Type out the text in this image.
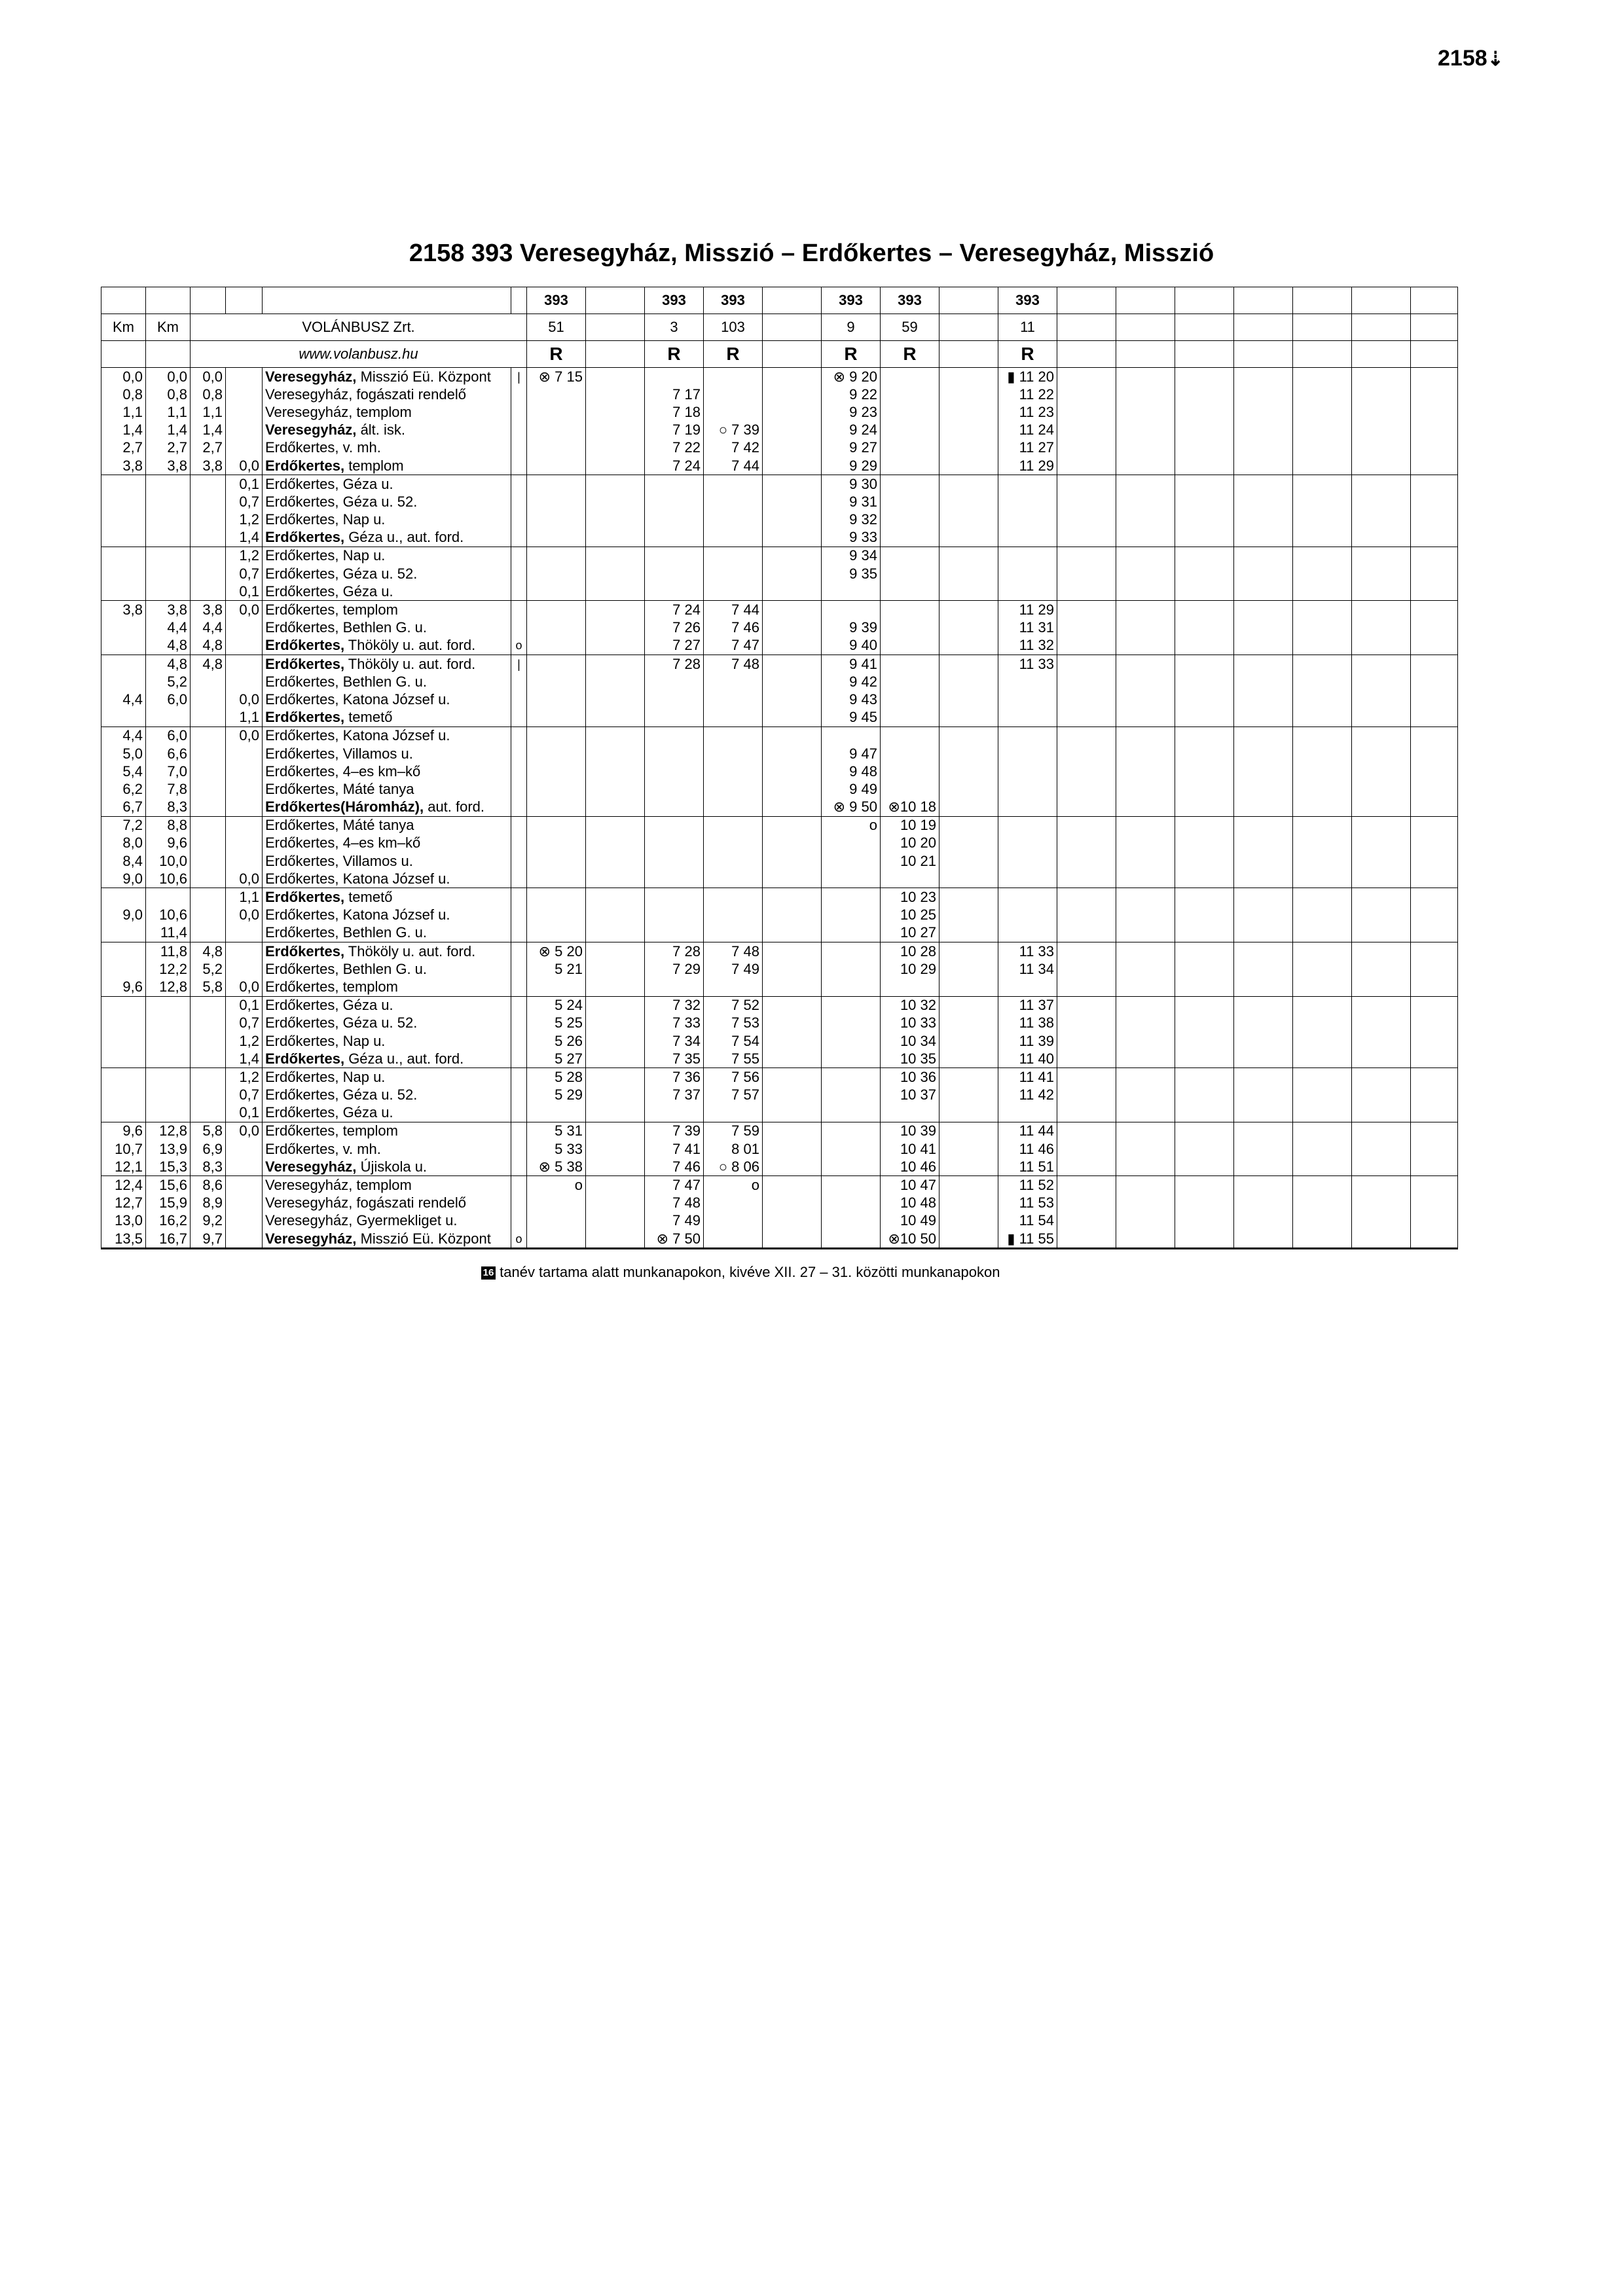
2158⇣
2158 393 Veresegyház, Misszió – Erdőkertes – Veresegyház, Misszió
						393		393	393		393	393		393							
Km	Km	VOLÁNBUSZ Zrt.				51		3	103		9	59		11							
		www.volanbusz.hu				R		R	R		R	R		R							
0,0	0,0	0,0		Veresegyház, Misszió Eü. Központ	|	⊗ 7 15					⊗ 9 20			▮ 11 20							
0,8	0,8	0,8		Veresegyház, fogászati rendelő				7 17			9 22			11 22							
1,1	1,1	1,1		Veresegyház, templom				7 18			9 23			11 23							
1,4	1,4	1,4		Veresegyház, ált. isk.				7 19	○ 7 39		9 24			11 24							
2,7	2,7	2,7		Erdőkertes, v. mh.				7 22	7 42		9 27			11 27							
3,8	3,8	3,8	0,0	Erdőkertes, templom				7 24	7 44		9 29			11 29							
			0,1	Erdőkertes, Géza u.							9 30										
			0,7	Erdőkertes, Géza u. 52.							9 31										
			1,2	Erdőkertes, Nap u.							9 32										
			1,4	Erdőkertes, Géza u., aut. ford.							9 33										
			1,2	Erdőkertes, Nap u.							9 34										
			0,7	Erdőkertes, Géza u. 52.							9 35										
			0,1	Erdőkertes, Géza u.																	
3,8	3,8	3,8	0,0	Erdőkertes, templom				7 24	7 44					11 29							
	4,4	4,4		Erdőkertes, Bethlen G. u.				7 26	7 46		9 39			11 31							
	4,8	4,8		Erdőkertes, Thököly u. aut. ford.	o			7 27	7 47		9 40			11 32							
	4,8	4,8		Erdőkertes, Thököly u. aut. ford.	|			7 28	7 48		9 41			11 33							
	5,2			Erdőkertes, Bethlen G. u.							9 42										
4,4	6,0		0,0	Erdőkertes, Katona József u.							9 43										
			1,1	Erdőkertes, temető							9 45										
4,4	6,0		0,0	Erdőkertes, Katona József u.																	
5,0	6,6			Erdőkertes, Villamos u.							9 47										
5,4	7,0			Erdőkertes, 4–es km–kő							9 48										
6,2	7,8			Erdőkertes, Máté tanya							9 49										
6,7	8,3			Erdőkertes(Háromház), aut. ford.							⊗ 9 50	⊗10 18									
7,2	8,8			Erdőkertes, Máté tanya							o	10 19									
8,0	9,6			Erdőkertes, 4–es km–kő								10 20									
8,4	10,0			Erdőkertes, Villamos u.								10 21									
9,0	10,6		0,0	Erdőkertes, Katona József u.																	
			1,1	Erdőkertes, temető								10 23									
9,0	10,6		0,0	Erdőkertes, Katona József u.								10 25									
	11,4			Erdőkertes, Bethlen G. u.								10 27									
	11,8	4,8		Erdőkertes, Thököly u. aut. ford.		⊗ 5 20		7 28	7 48			10 28		11 33							
	12,2	5,2		Erdőkertes, Bethlen G. u.		5 21		7 29	7 49			10 29		11 34							
9,6	12,8	5,8	0,0	Erdőkertes, templom																	
			0,1	Erdőkertes, Géza u.		5 24		7 32	7 52			10 32		11 37							
			0,7	Erdőkertes, Géza u. 52.		5 25		7 33	7 53			10 33		11 38							
			1,2	Erdőkertes, Nap u.		5 26		7 34	7 54			10 34		11 39							
			1,4	Erdőkertes, Géza u., aut. ford.		5 27		7 35	7 55			10 35		11 40							
			1,2	Erdőkertes, Nap u.		5 28		7 36	7 56			10 36		11 41							
			0,7	Erdőkertes, Géza u. 52.		5 29		7 37	7 57			10 37		11 42							
			0,1	Erdőkertes, Géza u.																	
9,6	12,8	5,8	0,0	Erdőkertes, templom		5 31		7 39	7 59			10 39		11 44							
10,7	13,9	6,9		Erdőkertes, v. mh.		5 33		7 41	8 01			10 41		11 46							
12,1	15,3	8,3		Veresegyház, Újiskola u.		⊗ 5 38		7 46	○ 8 06			10 46		11 51							
12,4	15,6	8,6		Veresegyház, templom		o		7 47	o			10 47		11 52							
12,7	15,9	8,9		Veresegyház, fogászati rendelő				7 48				10 48		11 53							
13,0	16,2	9,2		Veresegyház, Gyermekliget u.				7 49				10 49		11 54							
13,5	16,7	9,7		Veresegyház, Misszió Eü. Központ	o			⊗ 7 50				⊗10 50		▮ 11 55							
16 tanév tartama alatt munkanapokon, kivéve XII. 27 – 31. közötti munkanapokon
